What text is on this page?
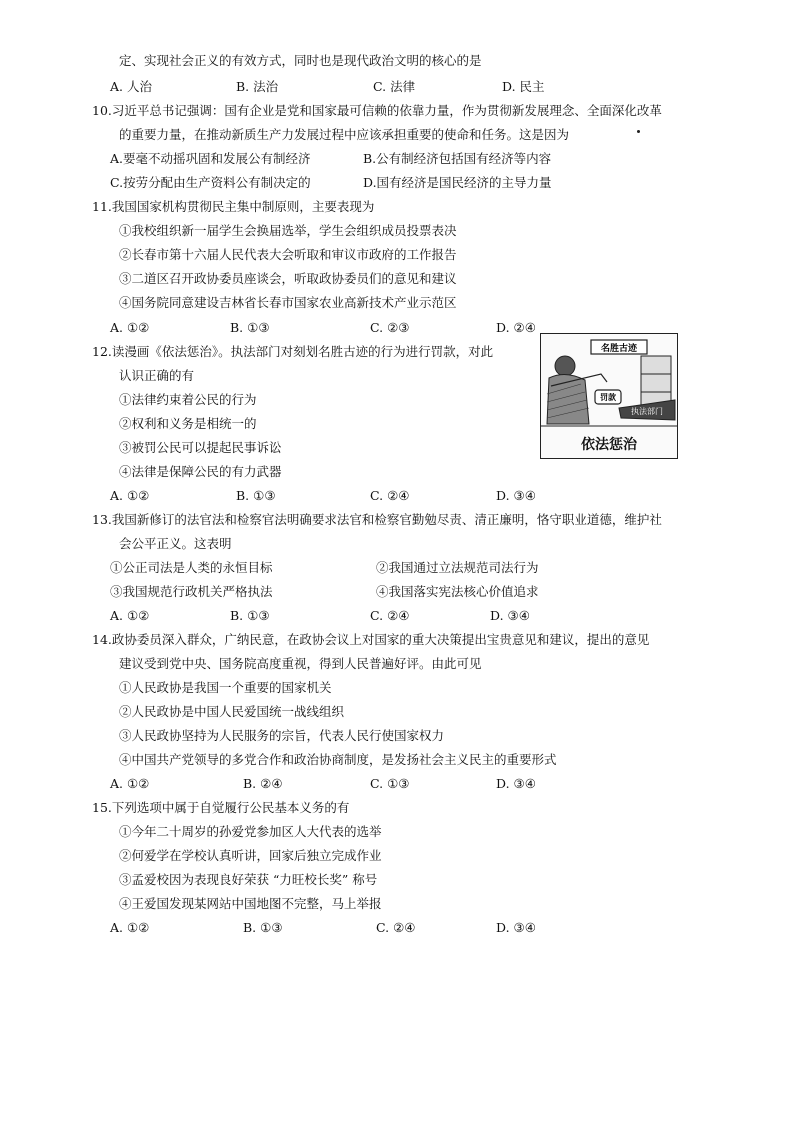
定、实现社会正义的有效方式，同时也是现代政治文明的核心的是
A. 人治	B. 法治	C. 法律	D. 民主
10.习近平总书记强调：国有企业是党和国家最可信赖的依靠力量，作为贯彻新发展理念、全面深化改革
的重要力量，在推动新质生产力发展过程中应该承担重要的使命和任务。这是因为
A.要毫不动摇巩固和发展公有制经济	B.公有制经济包括国有经济等内容
C.按劳分配由生产资料公有制决定的	D.国有经济是国民经济的主导力量
11.我国国家机构贯彻民主集中制原则，主要表现为
①我校组织新一届学生会换届选举，学生会组织成员投票表决
②长春市第十六届人民代表大会听取和审议市政府的工作报告
③二道区召开政协委员座谈会，听取政协委员们的意见和建议
④国务院同意建设吉林省长春市国家农业高新技术产业示范区
A. ①②	B. ①③	C. ②③	D. ②④
12.读漫画《依法惩治》。执法部门对刻划名胜古迹的行为进行罚款，对此
认识正确的有
①法律约束着公民的行为
②权利和义务是相统一的
③被罚公民可以提起民事诉讼
④法律是保障公民的有力武器
名胜古迹
罚款
执法部门
依法惩治
A. ①②	B. ①③	C. ②④	D. ③④
13.我国新修订的法官法和检察官法明确要求法官和检察官勤勉尽责、清正廉明，恪守职业道德，维护社
会公平正义。这表明
①公正司法是人类的永恒目标	②我国通过立法规范司法行为
③我国规范行政机关严格执法	④我国落实宪法核心价值追求
A. ①②	B. ①③	C. ②④	D. ③④
14.政协委员深入群众，广纳民意，在政协会议上对国家的重大决策提出宝贵意见和建议，提出的意见
建议受到党中央、国务院高度重视，得到人民普遍好评。由此可见
①人民政协是我国一个重要的国家机关
②人民政协是中国人民爱国统一战线组织
③人民政协坚持为人民服务的宗旨，代表人民行使国家权力
④中国共产党领导的多党合作和政治协商制度，是发扬社会主义民主的重要形式
A. ①②	B. ②④	C. ①③	D. ③④
15.下列选项中属于自觉履行公民基本义务的有
①今年二十周岁的孙爱党参加区人大代表的选举
②何爱学在学校认真听讲，回家后独立完成作业
③孟爱校因为表现良好荣获 “力旺校长奖” 称号
④王爱国发现某网站中国地图不完整，马上举报
A. ①②	B. ①③	C. ②④	D. ③④
